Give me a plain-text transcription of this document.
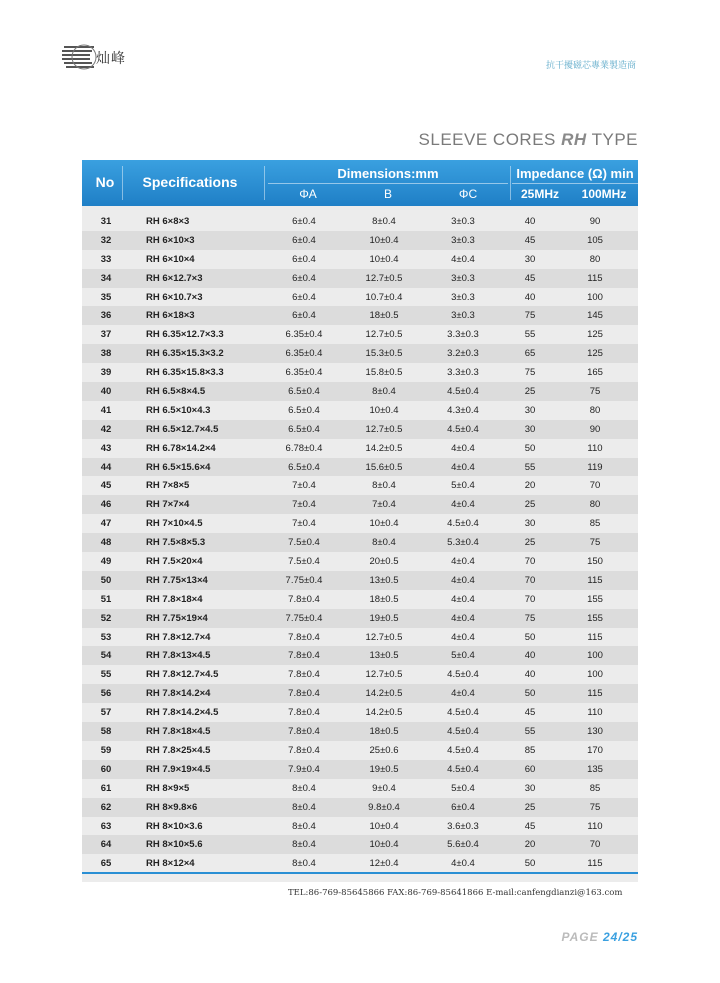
灿峰	抗干擾磁芯專業製造商
SLEEVE CORES RH TYPE
No	Specifications
Dimensions:mm
ΦA	B	ΦC
Impedance (Ω) min
25MHz	100MHz
31	RH 6×8×3	6±0.4	8±0.4	3±0.3	40	90
32	RH 6×10×3	6±0.4	10±0.4	3±0.3	45	105
33	RH 6×10×4	6±0.4	10±0.4	4±0.4	30	80
34	RH 6×12.7×3	6±0.4	12.7±0.5	3±0.3	45	115
35	RH 6×10.7×3	6±0.4	10.7±0.4	3±0.3	40	100
36	RH 6×18×3	6±0.4	18±0.5	3±0.3	75	145
37	RH 6.35×12.7×3.3	6.35±0.4	12.7±0.5	3.3±0.3	55	125
38	RH 6.35×15.3×3.2	6.35±0.4	15.3±0.5	3.2±0.3	65	125
39	RH 6.35×15.8×3.3	6.35±0.4	15.8±0.5	3.3±0.3	75	165
40	RH 6.5×8×4.5	6.5±0.4	8±0.4	4.5±0.4	25	75
41	RH 6.5×10×4.3	6.5±0.4	10±0.4	4.3±0.4	30	80
42	RH 6.5×12.7×4.5	6.5±0.4	12.7±0.5	4.5±0.4	30	90
43	RH 6.78×14.2×4	6.78±0.4	14.2±0.5	4±0.4	50	110
44	RH 6.5×15.6×4	6.5±0.4	15.6±0.5	4±0.4	55	119
45	RH 7×8×5	7±0.4	8±0.4	5±0.4	20	70
46	RH 7×7×4	7±0.4	7±0.4	4±0.4	25	80
47	RH 7×10×4.5	7±0.4	10±0.4	4.5±0.4	30	85
48	RH 7.5×8×5.3	7.5±0.4	8±0.4	5.3±0.4	25	75
49	RH 7.5×20×4	7.5±0.4	20±0.5	4±0.4	70	150
50	RH 7.75×13×4	7.75±0.4	13±0.5	4±0.4	70	115
51	RH 7.8×18×4	7.8±0.4	18±0.5	4±0.4	70	155
52	RH 7.75×19×4	7.75±0.4	19±0.5	4±0.4	75	155
53	RH 7.8×12.7×4	7.8±0.4	12.7±0.5	4±0.4	50	115
54	RH 7.8×13×4.5	7.8±0.4	13±0.5	5±0.4	40	100
55	RH 7.8×12.7×4.5	7.8±0.4	12.7±0.5	4.5±0.4	40	100
56	RH 7.8×14.2×4	7.8±0.4	14.2±0.5	4±0.4	50	115
57	RH 7.8×14.2×4.5	7.8±0.4	14.2±0.5	4.5±0.4	45	110
58	RH 7.8×18×4.5	7.8±0.4	18±0.5	4.5±0.4	55	130
59	RH 7.8×25×4.5	7.8±0.4	25±0.6	4.5±0.4	85	170
60	RH 7.9×19×4.5	7.9±0.4	19±0.5	4.5±0.4	60	135
61	RH 8×9×5	8±0.4	9±0.4	5±0.4	30	85
62	RH 8×9.8×6	8±0.4	9.8±0.4	6±0.4	25	75
63	RH 8×10×3.6	8±0.4	10±0.4	3.6±0.3	45	110
64	RH 8×10×5.6	8±0.4	10±0.4	5.6±0.4	20	70
65	RH 8×12×4	8±0.4	12±0.4	4±0.4	50	115
TEL:86-769-85645866 FAX:86-769-85641866 E-mail:canfengdianzi@163.com
PAGE 24/25
